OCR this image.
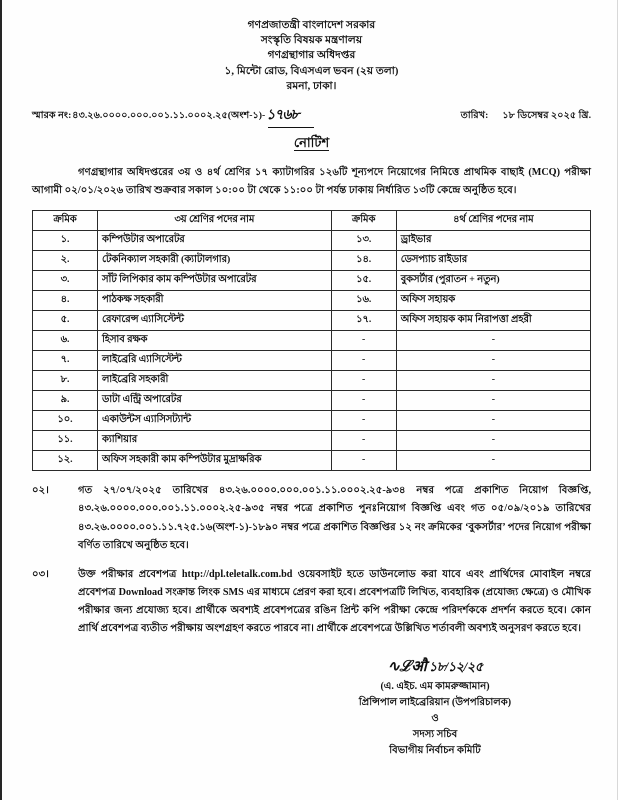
গণপ্রজাতন্ত্রী বাংলাদেশ সরকার
সংস্কৃতি বিষয়ক মন্ত্রণালয়
গণগ্রন্থাগার অধিদপ্তর
১, মিন্টো রোড, বিএসএল ভবন (২য় তলা)
রমনা, ঢাকা।
স্মারক নং: ৪৩.২৬.০০০০.০০০.০০১.১১.০০০২.২৫(অংশ-১)- ১৭৬৮	তারিখ: ১৮ ডিসেম্বর ২০২৫ খ্রি.
নোটিশ
গণগ্রন্থাগার অধিদপ্তরের ৩য় ও ৪র্থ শ্রেণির ১৭ ক্যাটাগরির ১২৬টি শূন্যপদে নিয়োগের নিমিত্তে প্রাথমিক বাছাই (MCQ) পরীক্ষা আগামী ০২/০১/২০২৬ তারিখ শুক্রবার সকাল ১০:০০ টা থেকে ১১:০০ টা পর্যন্ত ঢাকায় নির্ধারিত ১৩টি কেন্দ্রে অনুষ্ঠিত হবে।
ক্রমিক	৩য় শ্রেণির পদের নাম	ক্রমিক	৪র্থ শ্রেণির পদের নাম
১.	কম্পিউটার অপারেটর	১৩.	ড্রাইভার
২.	টেকনিক্যাল সহকারী (ক্যাটালগার)	১৪.	ডেসপ্যাচ রাইডার
৩.	সাঁট লিপিকার কাম কম্পিউটার অপারেটর	১৫.	বুকসর্টার (পুরাতন + নতুন)
৪.	পাঠকক্ষ সহকারী	১৬.	অফিস সহায়ক
৫.	রেফারেন্স এ্যাসিস্টেন্ট	১৭.	অফিস সহায়ক কাম নিরাপত্তা প্রহরী
৬.	হিসাব রক্ষক	-	-
৭.	লাইব্রেরি এ্যাসিস্টেন্ট	-	-
৮.	লাইব্রেরি সহকারী	-	-
৯.	ডাটা এন্ট্রি অপারেটর	-	-
১০.	একাউন্টস এ্যাসিসট্যান্ট	-	-
১১.	ক্যাশিয়ার	-	-
১২.	অফিস সহকারী কাম কম্পিউটার মুদ্রাক্ষরিক	-	-
০২।	গত ২৭/০৭/২০২৫ তারিখের ৪৩.২৬.০০০০.০০০.০০১.১১.০০০২.২৫-৯৩৪ নম্বর পত্রে প্রকাশিত নিয়োগ বিজ্ঞপ্তি, ৪৩.২৬.০০০০.০০০.০০১.১১.০০০২.২৫-৯৩৫ নম্বর পত্রে প্রকাশিত পুনঃনিয়োগ বিজ্ঞপ্তি এবং গত ০৫/০৯/২০১৯ তারিখের ৪৩.২৬.০০০০.০০১.১১.৭২৫.১৬(অংশ-১)-১৮৯০ নম্বর পত্রে প্রকাশিত বিজ্ঞপ্তির ১২ নং ক্রমিকের ‘বুকসর্টার’ পদের নিয়োগ পরীক্ষা বর্ণিত তারিখে অনুষ্ঠিত হবে।
০৩।	উক্ত পরীক্ষার প্রবেশপত্র http://dpl.teletalk.com.bd ওয়েবসাইট হতে ডাউনলোড করা যাবে এবং প্রার্থিদের মোবাইল নম্বরে প্রবেশপত্র Download সংক্রান্ত লিংক SMS এর মাধ্যমে প্রেরণ করা হবে। প্রবেশপত্রটি লিখিত, ব্যবহারিক (প্রযোজ্য ক্ষেত্রে) ও মৌখিক পরীক্ষার জন্য প্রযোজ্য হবে। প্রার্থীকে অবশ্যই প্রবেশপত্রের রঙিন প্রিন্ট কপি পরীক্ষা কেন্দ্রে পরিদর্শককে প্রদর্শন করতে হবে। কোন প্রার্থি প্রবেশপত্র ব্যতীত পরীক্ষায় অংশগ্রহণ করতে পারবে না। প্রার্থীকে প্রবেশপত্রে উল্লিখিত শর্তাবলী অবশ্যই অনুসরণ করতে হবে।
∿ℒऔ ১৮/১২/২৫
(এ. এইচ. এম কামরুজ্জামান)
প্রিন্সিপাল লাইব্রেরিয়ান (উপপরিচালক)
ও
সদস্য সচিব
বিভাগীয় নির্বাচন কমিটি
